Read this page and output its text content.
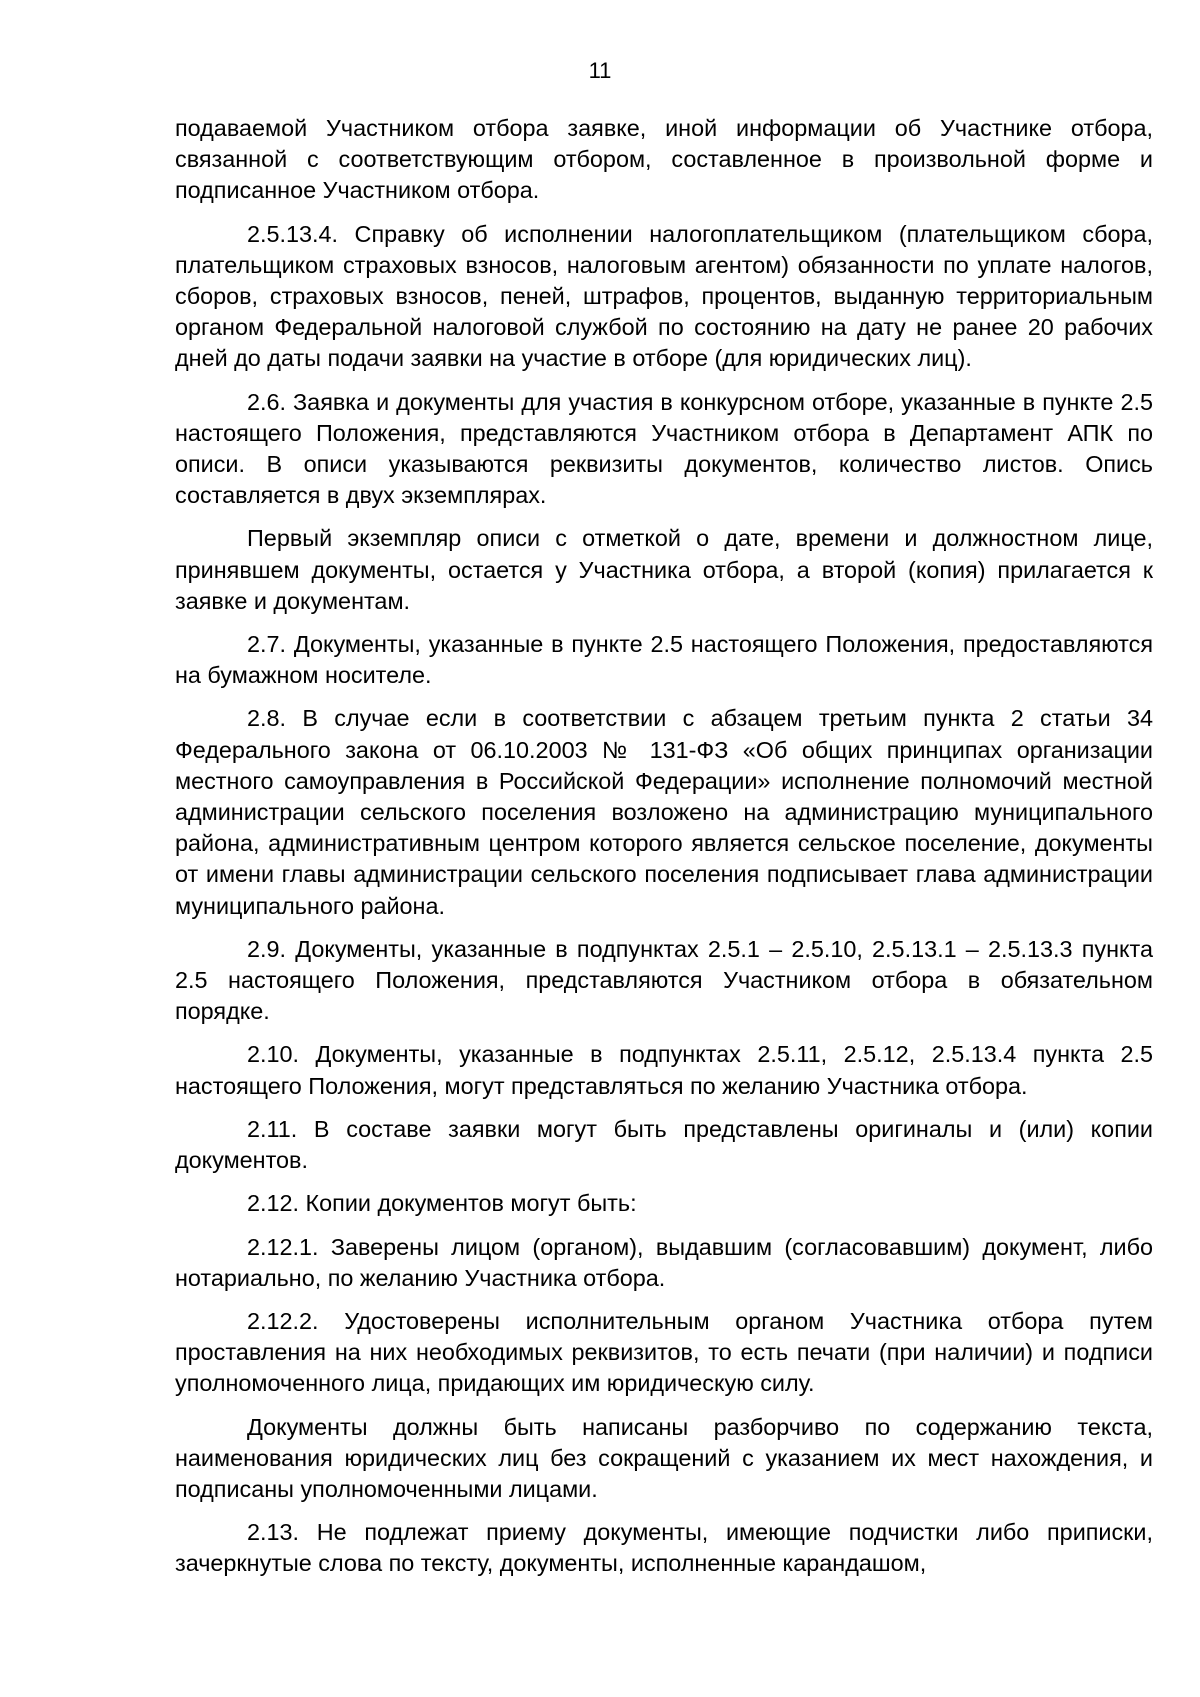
11

подаваемой Участником отбора заявке, иной информации об Участнике отбора, связанной с соответствующим отбором, составленное в произвольной форме и подписанное Участником отбора.

2.5.13.4. Справку об исполнении налогоплательщиком (плательщиком сбора, плательщиком страховых взносов, налоговым агентом) обязанности по уплате налогов, сборов, страховых взносов, пеней, штрафов, процентов, выданную территориальным органом Федеральной налоговой службой по состоянию на дату не ранее 20 рабочих дней до даты подачи заявки на участие в отборе (для юридических лиц).

2.6. Заявка и документы для участия в конкурсном отборе, указанные в пункте 2.5 настоящего Положения, представляются Участником отбора в Департамент АПК по описи. В описи указываются реквизиты документов, количество листов. Опись составляется в двух экземплярах.

Первый экземпляр описи с отметкой о дате, времени и должностном лице, принявшем документы, остается у Участника отбора, а второй (копия) прилагается к заявке и документам.

2.7. Документы, указанные в пункте 2.5 настоящего Положения, предоставляются на бумажном носителе.

2.8. В случае если в соответствии с абзацем третьим пункта 2 статьи 34 Федерального закона от 06.10.2003 № 131-ФЗ «Об общих принципах организации местного самоуправления в Российской Федерации» исполнение полномочий местной администрации сельского поселения возложено на администрацию муниципального района, административным центром которого является сельское поселение, документы от имени главы администрации сельского поселения подписывает глава администрации муниципального района.

2.9. Документы, указанные в подпунктах 2.5.1 – 2.5.10, 2.5.13.1 – 2.5.13.3 пункта 2.5 настоящего Положения, представляются Участником отбора в обязательном порядке.

2.10. Документы, указанные в подпунктах 2.5.11, 2.5.12, 2.5.13.4 пункта 2.5 настоящего Положения, могут представляться по желанию Участника отбора.

2.11. В составе заявки могут быть представлены оригиналы и (или) копии документов.

2.12. Копии документов могут быть:

2.12.1. Заверены лицом (органом), выдавшим (согласовавшим) документ, либо нотариально, по желанию Участника отбора.

2.12.2. Удостоверены исполнительным органом Участника отбора путем проставления на них необходимых реквизитов, то есть печати (при наличии) и подписи уполномоченного лица, придающих им юридическую силу.

Документы должны быть написаны разборчиво по содержанию текста, наименования юридических лиц без сокращений с указанием их мест нахождения, и подписаны уполномоченными лицами.

2.13. Не подлежат приему документы, имеющие подчистки либо приписки, зачеркнутые слова по тексту, документы, исполненные карандашом,
